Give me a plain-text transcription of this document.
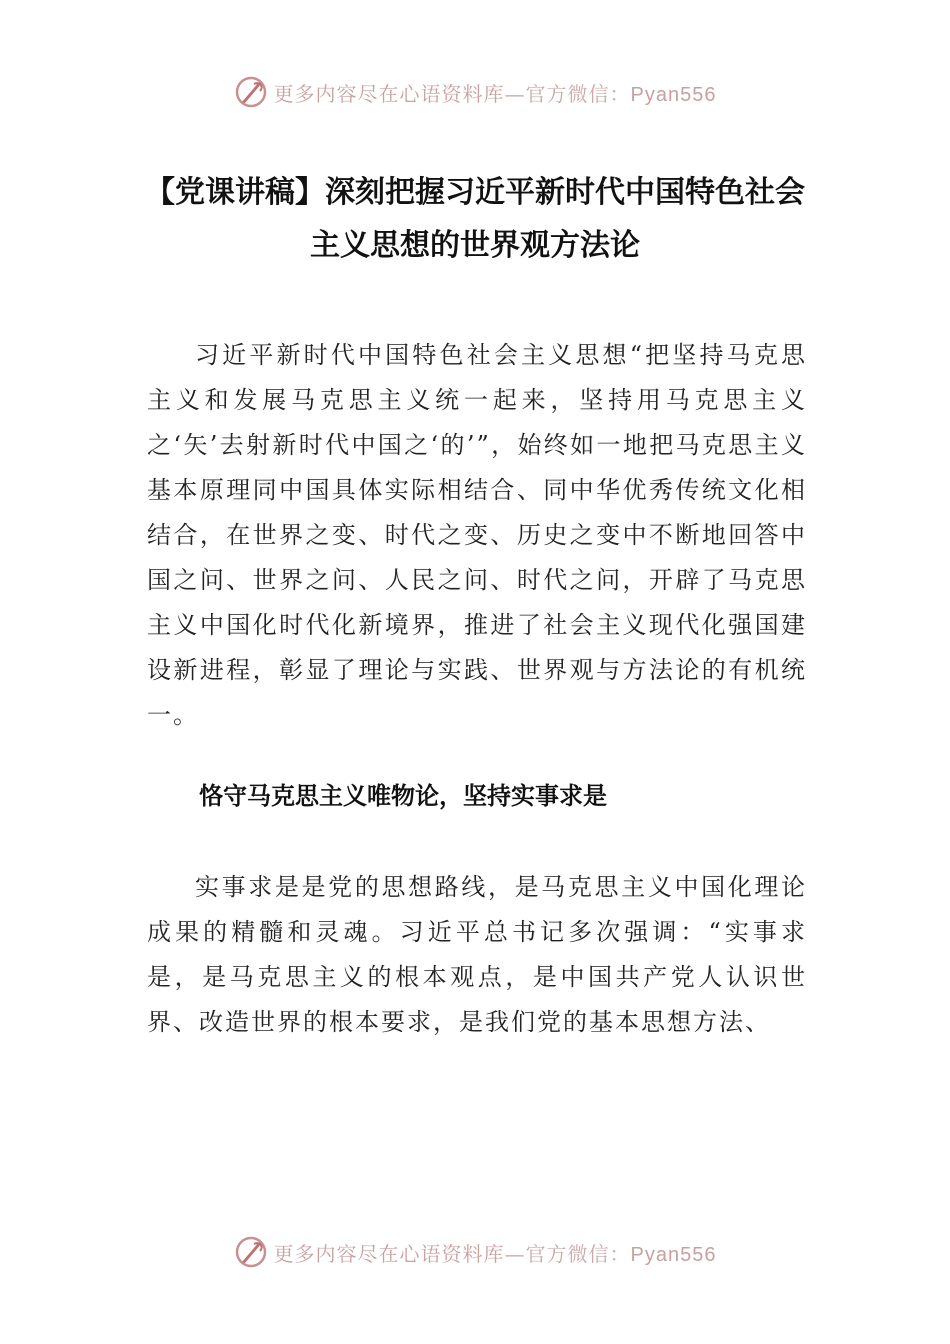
更多内容尽在心语资料库—官方微信：Pyan556
【党课讲稿】深刻把握习近平新时代中国特色社会主义思想的世界观方法论

习近平新时代中国特色社会主义思想“把坚持马克思主义和发展马克思主义统一起来，坚持用马克思主义之‘矢’去射新时代中国之‘的’”，始终如一地把马克思主义基本原理同中国具体实际相结合、同中华优秀传统文化相结合，在世界之变、时代之变、历史之变中不断地回答中国之问、世界之问、人民之问、时代之问，开辟了马克思主义中国化时代化新境界，推进了社会主义现代化强国建设新进程，彰显了理论与实践、世界观与方法论的有机统一。

恪守马克思主义唯物论，坚持实事求是

实事求是是党的思想路线，是马克思主义中国化理论成果的精髓和灵魂。习近平总书记多次强调：“实事求是，是马克思主义的根本观点，是中国共产党人认识世界、改造世界的根本要求，是我们党的基本思想方法、

更多内容尽在心语资料库—官方微信：Pyan556
